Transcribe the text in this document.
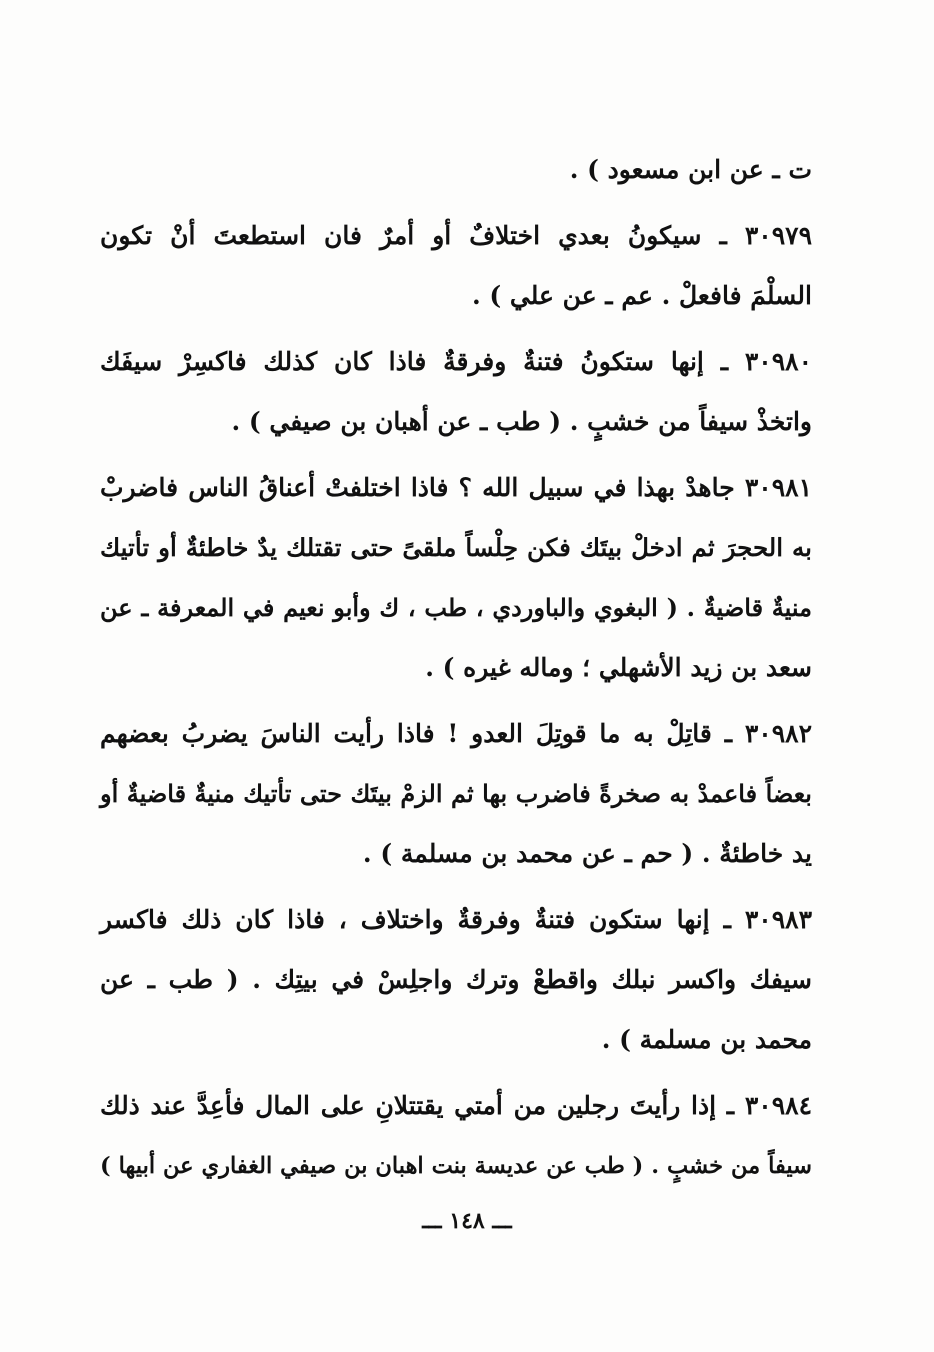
ت ـ عن ابن مسعود ) .
٣٠٩٧٩ ـ سيكونُ بعدي اختلافٌ أو أمرٌ فان استطعتَ أنْ تكون
السلْمَ فافعلْ . عم ـ عن علي ) .
٣٠٩٨٠ ـ إنها ستكونُ فتنةٌ وفرقةٌ فاذا كان كذلك فاكسِرْ سيفَك
واتخذْ سيفاً من خشبٍ . ( طب ـ عن أهبان بن صيفي ) .
٣٠٩٨١ جاهدْ بهذا في سبيل الله ؟ فاذا اختلفتْ أعناقُ الناس فاضربْ
به الحجرَ ثم ادخلْ بيتَك فكن حِلْساً ملقىً حتى تقتلك يدٌ خاطئةٌ أو تأتيك
منيةٌ قاضيةٌ . ( البغوي والباوردي ، طب ، ك وأبو نعيم في المعرفة ـ عن
سعد بن زيد الأشهلي ؛ وماله غيره ) .
٣٠٩٨٢ ـ قاتِلْ به ما قوتِلَ العدو ! فاذا رأيت الناسَ يضربُ بعضهم
بعضاً فاعمدْ به صخرةً فاضرب بها ثم الزمْ بيتَك حتى تأتيك منيةٌ قاضيةٌ أو
يد خاطئةٌ . ( حم ـ عن محمد بن مسلمة ) .
٣٠٩٨٣ ـ إنها ستكون فتنةٌ وفرقةٌ واختلاف ، فاذا كان ذلك فاكسر
سيفك واكسر نبلك واقطعْ وترك واجلِسْ في بيتِك . ( طب ـ عن
محمد بن مسلمة ) .
٣٠٩٨٤ ـ إذا رأيتَ رجلين من أمتي يقتتلانِ على المال فأعِدَّ عند ذلك
سيفاً من خشبٍ . ( طب عن عديسة بنت اهبان بن صيفي الغفاري عن أبيها )
ـــ ١٤٨ ـــ
